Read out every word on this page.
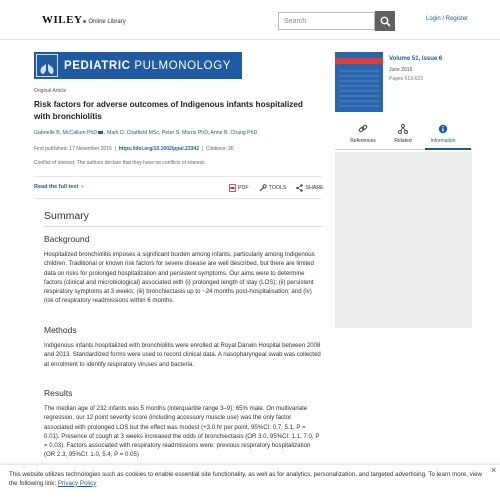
WILEY Online Library	Search	Login / Register
PEDIATRIC PULMONOLOGY
Original Article
Risk factors for adverse outcomes of Indigenous infants hospitalized with bronchiolitis
Gabrielle B. McCallum PhD , Mark D. Chatfield MSc, Peter S. Morris PhD, Anne B. Chang PhD
First published: 17 November 2015  |  https://doi.org/10.1002/ppul.23342  |  Citations: 26
Conflict of interest: The authors declare that they have no conflicts of interest.
Read the full text  ›	PDF	TOOLS	SHARE
Summary
Background
Hospitalized bronchiolitis imposes a significant burden among infants, particularly among Indigenous children. Traditional or known risk factors for severe disease are well described, but there are limited data on risks for prolonged hospitalization and persistent symptoms. Our aims were to determine factors (clinical and microbiological) associated with (i) prolonged length of stay (LOS); (ii) persistent respiratory symptoms at 3 weeks; (iii) bronchiectasis up to ~24 months post-hospitalisation; and (iv) risk of respiratory readmissions within 6 months.
Methods
Indigenous infants hospitalized with bronchiolitis were enrolled at Royal Darwin Hospital between 2008 and 2013. Standardized forms were used to record clinical data. A nasopharyngeal swab was collected at enrolment to identify respiratory viruses and bacteria.
Results
The median age of 232 infants was 5 months (interquartile range 3–9); 65% male. On multivariate regression, our 12 point severity score (including accessory muscle use) was the only factor associated with prolonged LOS but the effect was modest (+3.0 hr per point, 95%CI: 0.7, 5.1, P = 0.01). Presence of cough at 3 weeks increased the odds of bronchiectasis (OR 3.0, 95%CI: 1.1, 7.0, P = 0.03). Factors associated with respiratory readmissions were: previous respiratory hospitalization (OR 2.3, 95%CI: 1.0, 5.4, P = 0.05)
Volume 51, Issue 6
June 2016
Pages 613-623
References	Related	Information
This website utilizes technologies such as cookies to enable essential site functionality, as well as for analytics, personalization, and targeted advertising. To learn more, view the following link: Privacy Policy
×
